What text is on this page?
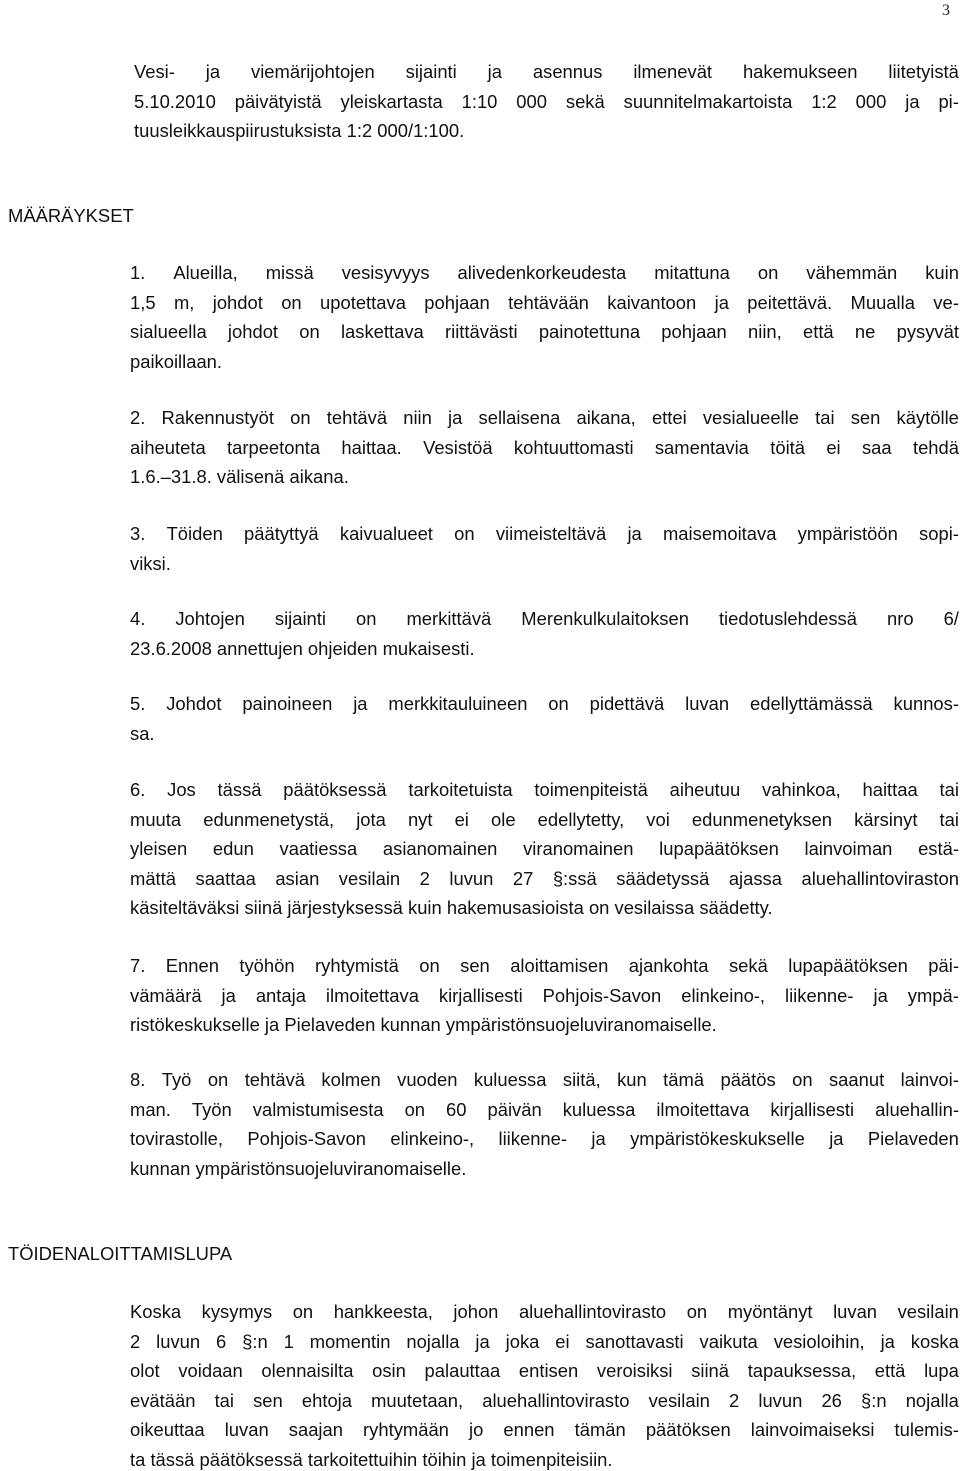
3
Vesi- ja viemärijohtojen sijainti ja asennus ilmenevät hakemukseen liitetyistä
5.10.2010 päivätyistä yleiskartasta 1:10 000 sekä suunnitelmakartoista 1:2 000 ja pi-
tuusleikkauspiirustuksista 1:2 000/1:100.
MÄÄRÄYKSET
1. Alueilla, missä vesisyvyys alivedenkorkeudesta mitattuna on vähemmän kuin
1,5 m, johdot on upotettava pohjaan tehtävään kaivantoon ja peitettävä. Muualla ve-
sialueella johdot on laskettava riittävästi painotettuna pohjaan niin, että ne pysyvät
paikoillaan.
2. Rakennustyöt on tehtävä niin ja sellaisena aikana, ettei vesialueelle tai sen käytölle
aiheuteta tarpeetonta haittaa. Vesistöä kohtuuttomasti samentavia töitä ei saa tehdä
1.6.–31.8. välisenä aikana.
3. Töiden päätyttyä kaivualueet on viimeisteltävä ja maisemoitava ympäristöön sopi-
viksi.
4. Johtojen sijainti on merkittävä Merenkulkulaitoksen tiedotuslehdessä nro 6/
23.6.2008 annettujen ohjeiden mukaisesti.
5. Johdot painoineen ja merkkitauluineen on pidettävä luvan edellyttämässä kunnos-
sa.
6. Jos tässä päätöksessä tarkoitetuista toimenpiteistä aiheutuu vahinkoa, haittaa tai
muuta edunmenetystä, jota nyt ei ole edellytetty, voi edunmenetyksen kärsinyt tai
yleisen edun vaatiessa asianomainen viranomainen lupapäätöksen lainvoiman estä-
mättä saattaa asian vesilain 2 luvun 27 §:ssä säädetyssä ajassa aluehallintoviraston
käsiteltäväksi siinä järjestyksessä kuin hakemusasioista on vesilaissa säädetty.
7. Ennen työhön ryhtymistä on sen aloittamisen ajankohta sekä lupapäätöksen päi-
vämäärä ja antaja ilmoitettava kirjallisesti Pohjois-Savon elinkeino-, liikenne- ja ympä-
ristökeskukselle ja Pielaveden kunnan ympäristönsuojeluviranomaiselle.
8. Työ on tehtävä kolmen vuoden kuluessa siitä, kun tämä päätös on saanut lainvoi-
man. Työn valmistumisesta on 60 päivän kuluessa ilmoitettava kirjallisesti aluehallin-
tovirastolle, Pohjois-Savon elinkeino-, liikenne- ja ympäristökeskukselle ja Pielaveden
kunnan ympäristönsuojeluviranomaiselle.
TÖIDENALOITTAMISLUPA
Koska kysymys on hankkeesta, johon aluehallintovirasto on myöntänyt luvan vesilain
2 luvun 6 §:n 1 momentin nojalla ja joka ei sanottavasti vaikuta vesioloihin, ja koska
olot voidaan olennaisilta osin palauttaa entisen veroisiksi siinä tapauksessa, että lupa
evätään tai sen ehtoja muutetaan, aluehallintovirasto vesilain 2 luvun 26 §:n nojalla
oikeuttaa luvan saajan ryhtymään jo ennen tämän päätöksen lainvoimaiseksi tulemis-
ta tässä päätöksessä tarkoitettuihin töihin ja toimenpiteisiin.
